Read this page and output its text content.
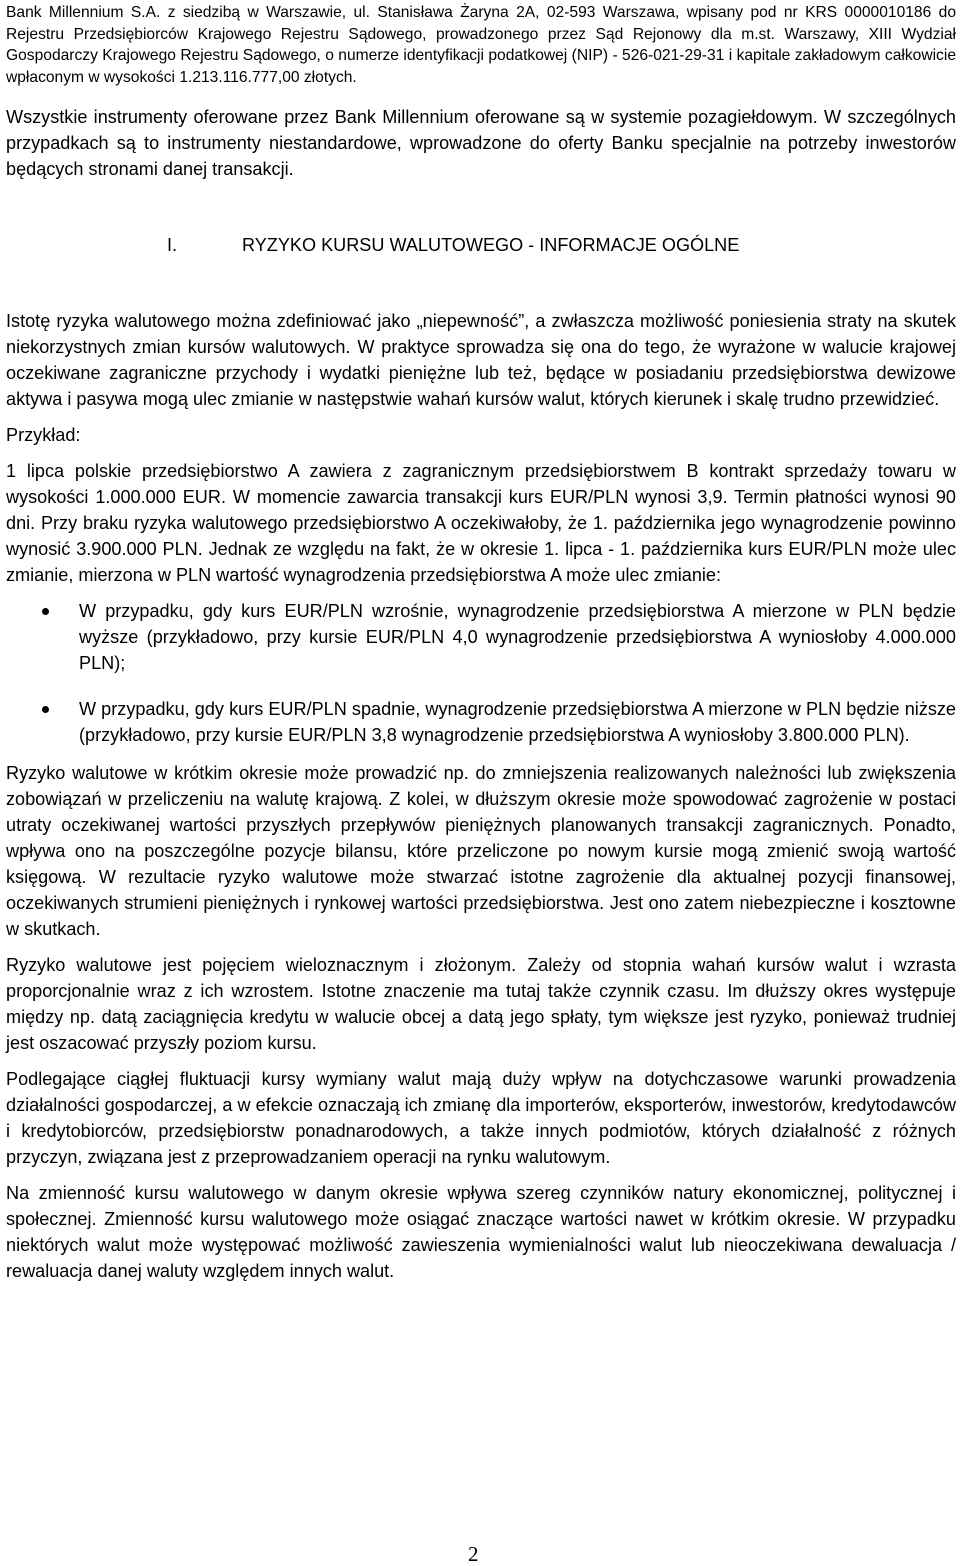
Bank Millennium S.A. z siedzibą w Warszawie, ul. Stanisława Żaryna 2A, 02-593 Warszawa, wpisany pod nr KRS 0000010186 do Rejestru Przedsiębiorców Krajowego Rejestru Sądowego, prowadzonego przez Sąd Rejonowy dla m.st. Warszawy, XIII Wydział Gospodarczy Krajowego Rejestru Sądowego, o numerze identyfikacji podatkowej (NIP) - 526-021-29-31 i kapitale zakładowym całkowicie wpłaconym w wysokości 1.213.116.777,00 złotych.

Wszystkie instrumenty oferowane przez Bank Millennium oferowane są w systemie pozagiełdowym. W szczególnych przypadkach są to instrumenty niestandardowe, wprowadzone do oferty Banku specjalnie na potrzeby inwestorów będących stronami danej transakcji.

I.	RYZYKO KURSU WALUTOWEGO - INFORMACJE OGÓLNE

Istotę ryzyka walutowego można zdefiniować jako „niepewność”, a zwłaszcza możliwość poniesienia straty na skutek niekorzystnych zmian kursów walutowych. W praktyce sprowadza się ona do tego, że wyrażone w walucie krajowej oczekiwane zagraniczne przychody i wydatki pieniężne lub też, będące w posiadaniu przedsiębiorstwa dewizowe aktywa i pasywa mogą ulec zmianie w następstwie wahań kursów walut, których kierunek i skalę trudno przewidzieć.

Przykład:

1 lipca polskie przedsiębiorstwo A zawiera z zagranicznym przedsiębiorstwem B kontrakt sprzedaży towaru w wysokości 1.000.000 EUR. W momencie zawarcia transakcji kurs EUR/PLN wynosi 3,9. Termin płatności wynosi 90 dni. Przy braku ryzyka walutowego przedsiębiorstwo A oczekiwałoby, że 1. października jego wynagrodzenie powinno wynosić 3.900.000 PLN. Jednak ze względu na fakt, że w okresie 1. lipca - 1. października kurs EUR/PLN może ulec zmianie, mierzona w PLN wartość wynagrodzenia przedsiębiorstwa A może ulec zmianie:

W przypadku, gdy kurs EUR/PLN wzrośnie, wynagrodzenie przedsiębiorstwa A mierzone w PLN będzie wyższe (przykładowo, przy kursie EUR/PLN 4,0 wynagrodzenie przedsiębiorstwa A wyniosłoby 4.000.000 PLN);
W przypadku, gdy kurs EUR/PLN spadnie, wynagrodzenie przedsiębiorstwa A mierzone w PLN będzie niższe (przykładowo, przy kursie EUR/PLN 3,8 wynagrodzenie przedsiębiorstwa A wyniosłoby 3.800.000 PLN).

Ryzyko walutowe w krótkim okresie może prowadzić np. do zmniejszenia realizowanych należności lub zwiększenia zobowiązań w przeliczeniu na walutę krajową. Z kolei, w dłuższym okresie może spowodować zagrożenie w postaci utraty oczekiwanej wartości przyszłych przepływów pieniężnych planowanych transakcji zagranicznych. Ponadto, wpływa ono na poszczególne pozycje bilansu, które przeliczone po nowym kursie mogą zmienić swoją wartość księgową. W rezultacie ryzyko walutowe może stwarzać istotne zagrożenie dla aktualnej pozycji finansowej, oczekiwanych strumieni pieniężnych i rynkowej wartości przedsiębiorstwa. Jest ono zatem niebezpieczne i kosztowne w skutkach.

Ryzyko walutowe jest pojęciem wieloznacznym i złożonym. Zależy od stopnia wahań kursów walut i wzrasta proporcjonalnie wraz z ich wzrostem. Istotne znaczenie ma tutaj także czynnik czasu. Im dłuższy okres występuje między np. datą zaciągnięcia kredytu w walucie obcej a datą jego spłaty, tym większe jest ryzyko, ponieważ trudniej jest oszacować przyszły poziom kursu.

Podlegające ciągłej fluktuacji kursy wymiany walut mają duży wpływ na dotychczasowe warunki prowadzenia działalności gospodarczej, a w efekcie oznaczają ich zmianę dla importerów, eksporterów, inwestorów, kredytodawców i kredytobiorców, przedsiębiorstw ponadnarodowych, a także innych podmiotów, których działalność z różnych przyczyn, związana jest z przeprowadzaniem operacji na rynku walutowym.

Na zmienność kursu walutowego w danym okresie wpływa szereg czynników natury ekonomicznej, politycznej i społecznej. Zmienność kursu walutowego może osiągać znaczące wartości nawet w krótkim okresie. W przypadku niektórych walut może występować możliwość zawieszenia wymienialności walut lub nieoczekiwana dewaluacja / rewaluacja danej waluty względem innych walut.

2
